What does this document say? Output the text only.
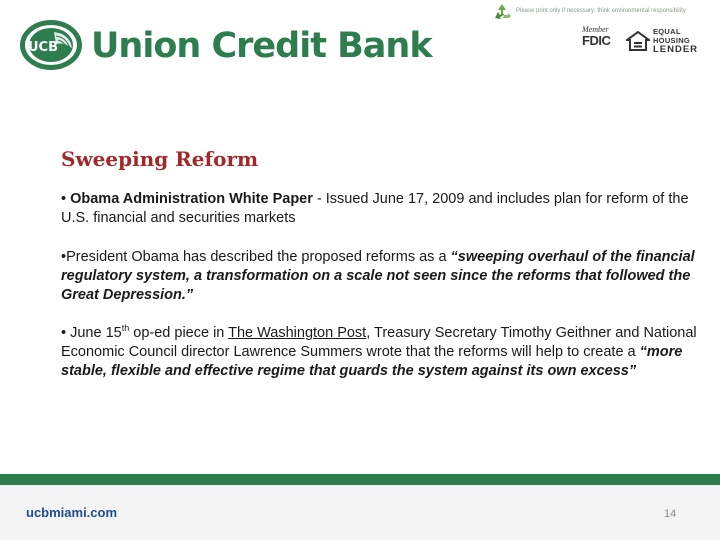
UCB Union Credit Bank
Please print only if necessary; think environmental responsibility
Member
FDIC
EQUAL HOUSING
LENDER
Sweeping Reform
• Obama Administration White Paper - Issued June 17, 2009 and includes plan for reform of the U.S. financial and securities markets
•President Obama has described the proposed reforms as a “sweeping overhaul of the financial regulatory system, a transformation on a scale not seen since the reforms that followed the Great Depression.”
• June 15th op-ed piece in The Washington Post, Treasury Secretary Timothy Geithner and National Economic Council director Lawrence Summers wrote that the reforms will help to create a “more stable, flexible and effective regime that guards the system against its own excess”
ucbmiami.com	14
